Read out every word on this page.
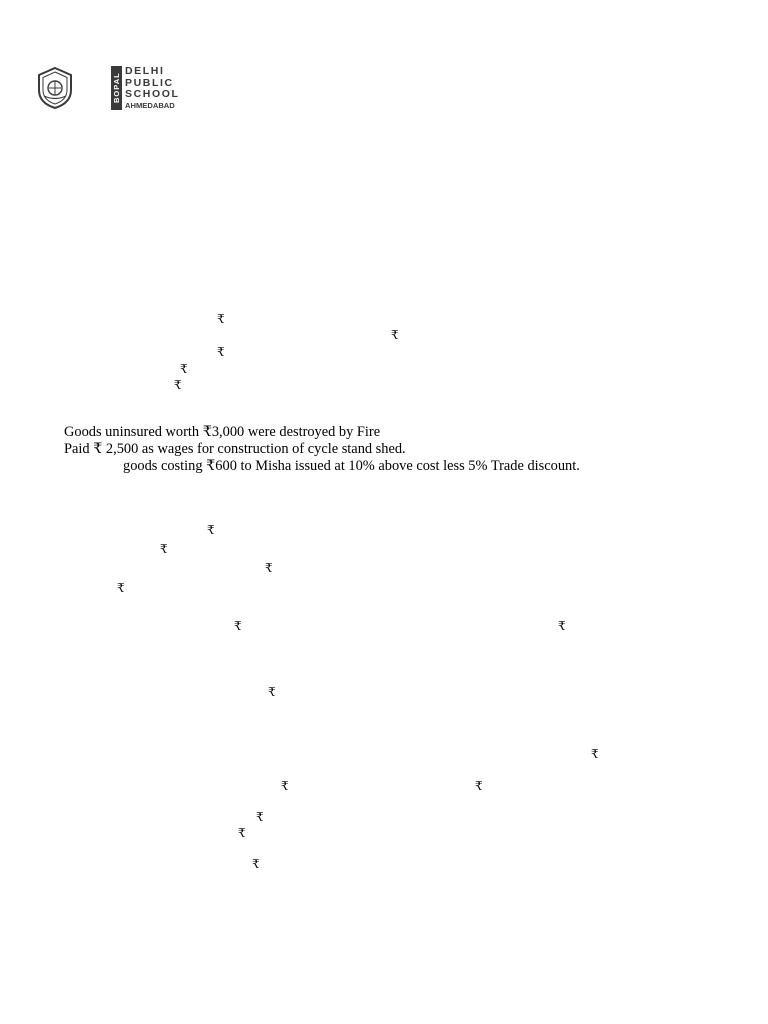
BOPAL
DELHI
PUBLIC
SCHOOL
AHMEDABAD
₹
₹
₹
₹
₹
Goods uninsured worth ₹3,000 were destroyed by Fire
Paid ₹ 2,500 as wages for construction of cycle stand shed.
goods costing ₹600 to Misha issued at 10% above cost less 5% Trade discount.
₹
₹
₹
₹
₹	₹
₹
₹
₹	₹
₹
₹
₹
